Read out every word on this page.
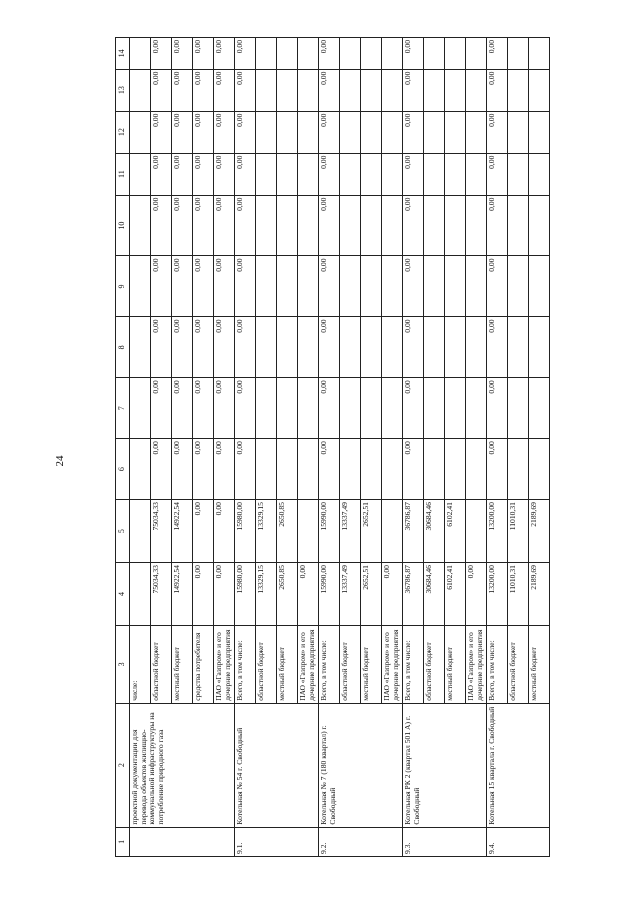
24
1	2	3	4	5	6	7	8	9	10	11	12	13	14
	проектной документации для перевода объектов жилищно-коммунальной инфраструктуры на потребление природного газа	числе:											
		областной бюджет	75034,33	75034,33	0,00	0,00	0,00	0,00	0,00	0,00	0,00	0,00	0,00
		местный бюджет	14922,54	14922,54	0,00	0,00	0,00	0,00	0,00	0,00	0,00	0,00	0,00
		средства потребителя	0,00	0,00	0,00	0,00	0,00	0,00	0,00	0,00	0,00	0,00	0,00
		ПАО «Газпром» и его дочерние предприятия	0,00	0,00	0,00	0,00	0,00	0,00	0,00	0,00	0,00	0,00	0,00
9.1.	Котельная № 54 г. Свободный	Всего, в том числе:	15980,00	15980,00	0,00	0,00	0,00	0,00	0,00	0,00	0,00	0,00	0,00
		областной бюджет	13329,15	13329,15									
		местный бюджет	2650,85	2650,85									
		ПАО «Газпром» и его дочерние предприятия	0,00										
9.2.	Котельная № 7 (180 квартал) г. Свободный	Всего, в том числе:	15990,00	15990,00	0,00	0,00	0,00	0,00	0,00	0,00	0,00	0,00	0,00
		областной бюджет	13337,49	13337,49									
		местный бюджет	2652,51	2652,51									
		ПАО «Газпром» и его дочерние предприятия	0,00										
9.3.	Котельная РК 2 (квартал 501 А) г. Свободный	Всего, в том числе:	36786,87	36786,87	0,00	0,00	0,00	0,00	0,00	0,00	0,00	0,00	0,00
		областной бюджет	30684,46	30684,46									
		местный бюджет	6102,41	6102,41									
		ПАО «Газпром» и его дочерние предприятия	0,00										
9.4.	Котельная 15 квартала г. Свободный	Всего, в том числе:	13200,00	13200,00	0,00	0,00	0,00	0,00	0,00	0,00	0,00	0,00	0,00
		областной бюджет	11010,31	11010,31									
		местный бюджет	2189,69	2189,69									
